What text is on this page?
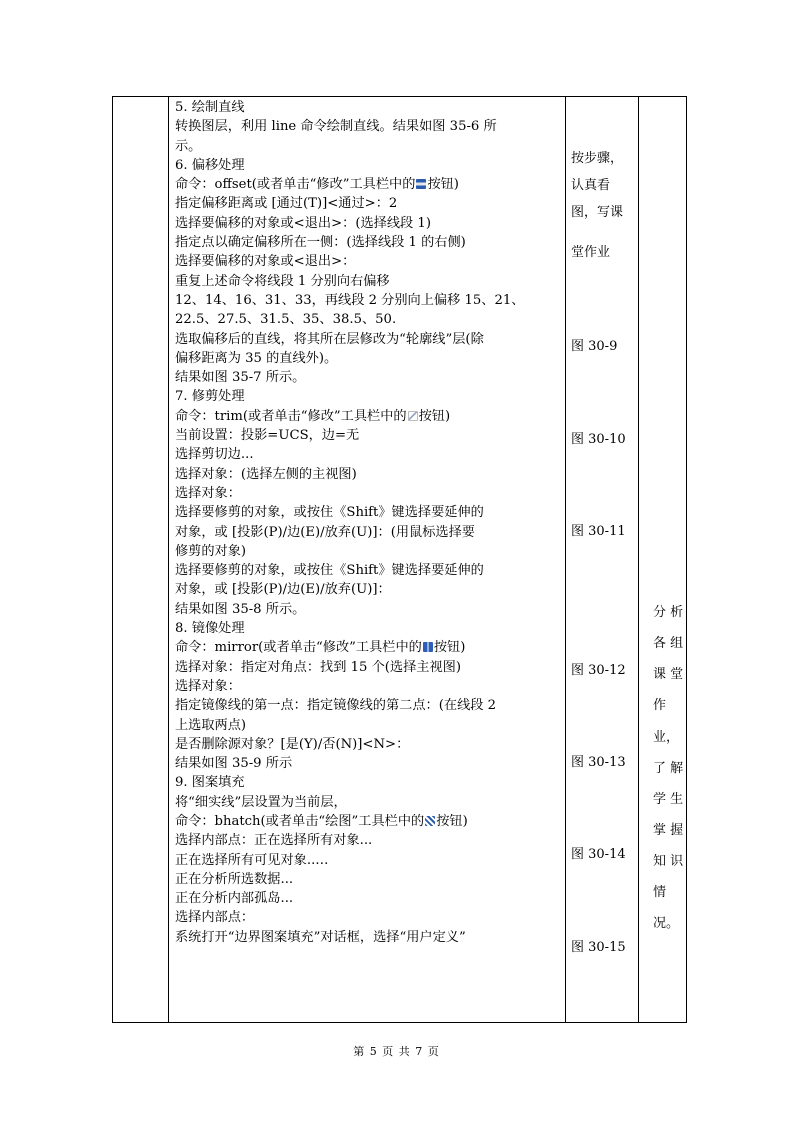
5. 绘制直线
转换图层，利用 line 命令绘制直线。结果如图 35-6 所
示。
6. 偏移处理
命令：offset(或者单击“修改”工具栏中的 按钮)
指定偏移距离或 [通过(T)]<通过>：2
选择要偏移的对象或<退出>：(选择线段 1)
指定点以确定偏移所在一侧：(选择线段 1 的右侧)
选择要偏移的对象或<退出>：
重复上述命令将线段 1 分别向右偏移
12、14、16、31、33，再线段 2 分别向上偏移 15、21、
22.5、27.5、31.5、35、38.5、50.
选取偏移后的直线，将其所在层修改为“轮廓线”层(除
偏移距离为 35 的直线外)。
结果如图 35-7 所示。
7. 修剪处理
命令：trim(或者单击“修改”工具栏中的 按钮)
当前设置：投影=UCS，边=无
选择剪切边...
选择对象：(选择左侧的主视图)
选择对象：
选择要修剪的对象，或按住《Shift》键选择要延伸的
对象，或 [投影(P)/边(E)/放弃(U)]：(用鼠标选择要
修剪的对象)
选择要修剪的对象，或按住《Shift》键选择要延伸的
对象，或 [投影(P)/边(E)/放弃(U)]：
结果如图 35-8 所示。
8. 镜像处理
命令：mirror(或者单击“修改”工具栏中的 按钮)
选择对象：指定对角点：找到 15 个(选择主视图)
选择对象：
指定镜像线的第一点：指定镜像线的第二点：(在线段 2
上选取两点)
是否删除源对象？[是(Y)/否(N)]<N>：
结果如图 35-9 所示
9. 图案填充
将“细实线”层设置为当前层，
命令：bhatch(或者单击“绘图”工具栏中的 按钮)
选择内部点：正在选择所有对象...
正在选择所有可见对象..…
正在分析所选数据...
正在分析内部孤岛...
选择内部点：
系统打开“边界图案填充”对话框，选择“用户定义”
按步骤，
认真看
图，写课
堂作业
图 30-9
图 30-10
图 30-11
图 30-12
图 30-13
图 30-14
图 30-15
分 析
各 组
课 堂
作
业，
了 解
学 生
掌 握
知 识
情
况。
第 5 页 共 7 页
